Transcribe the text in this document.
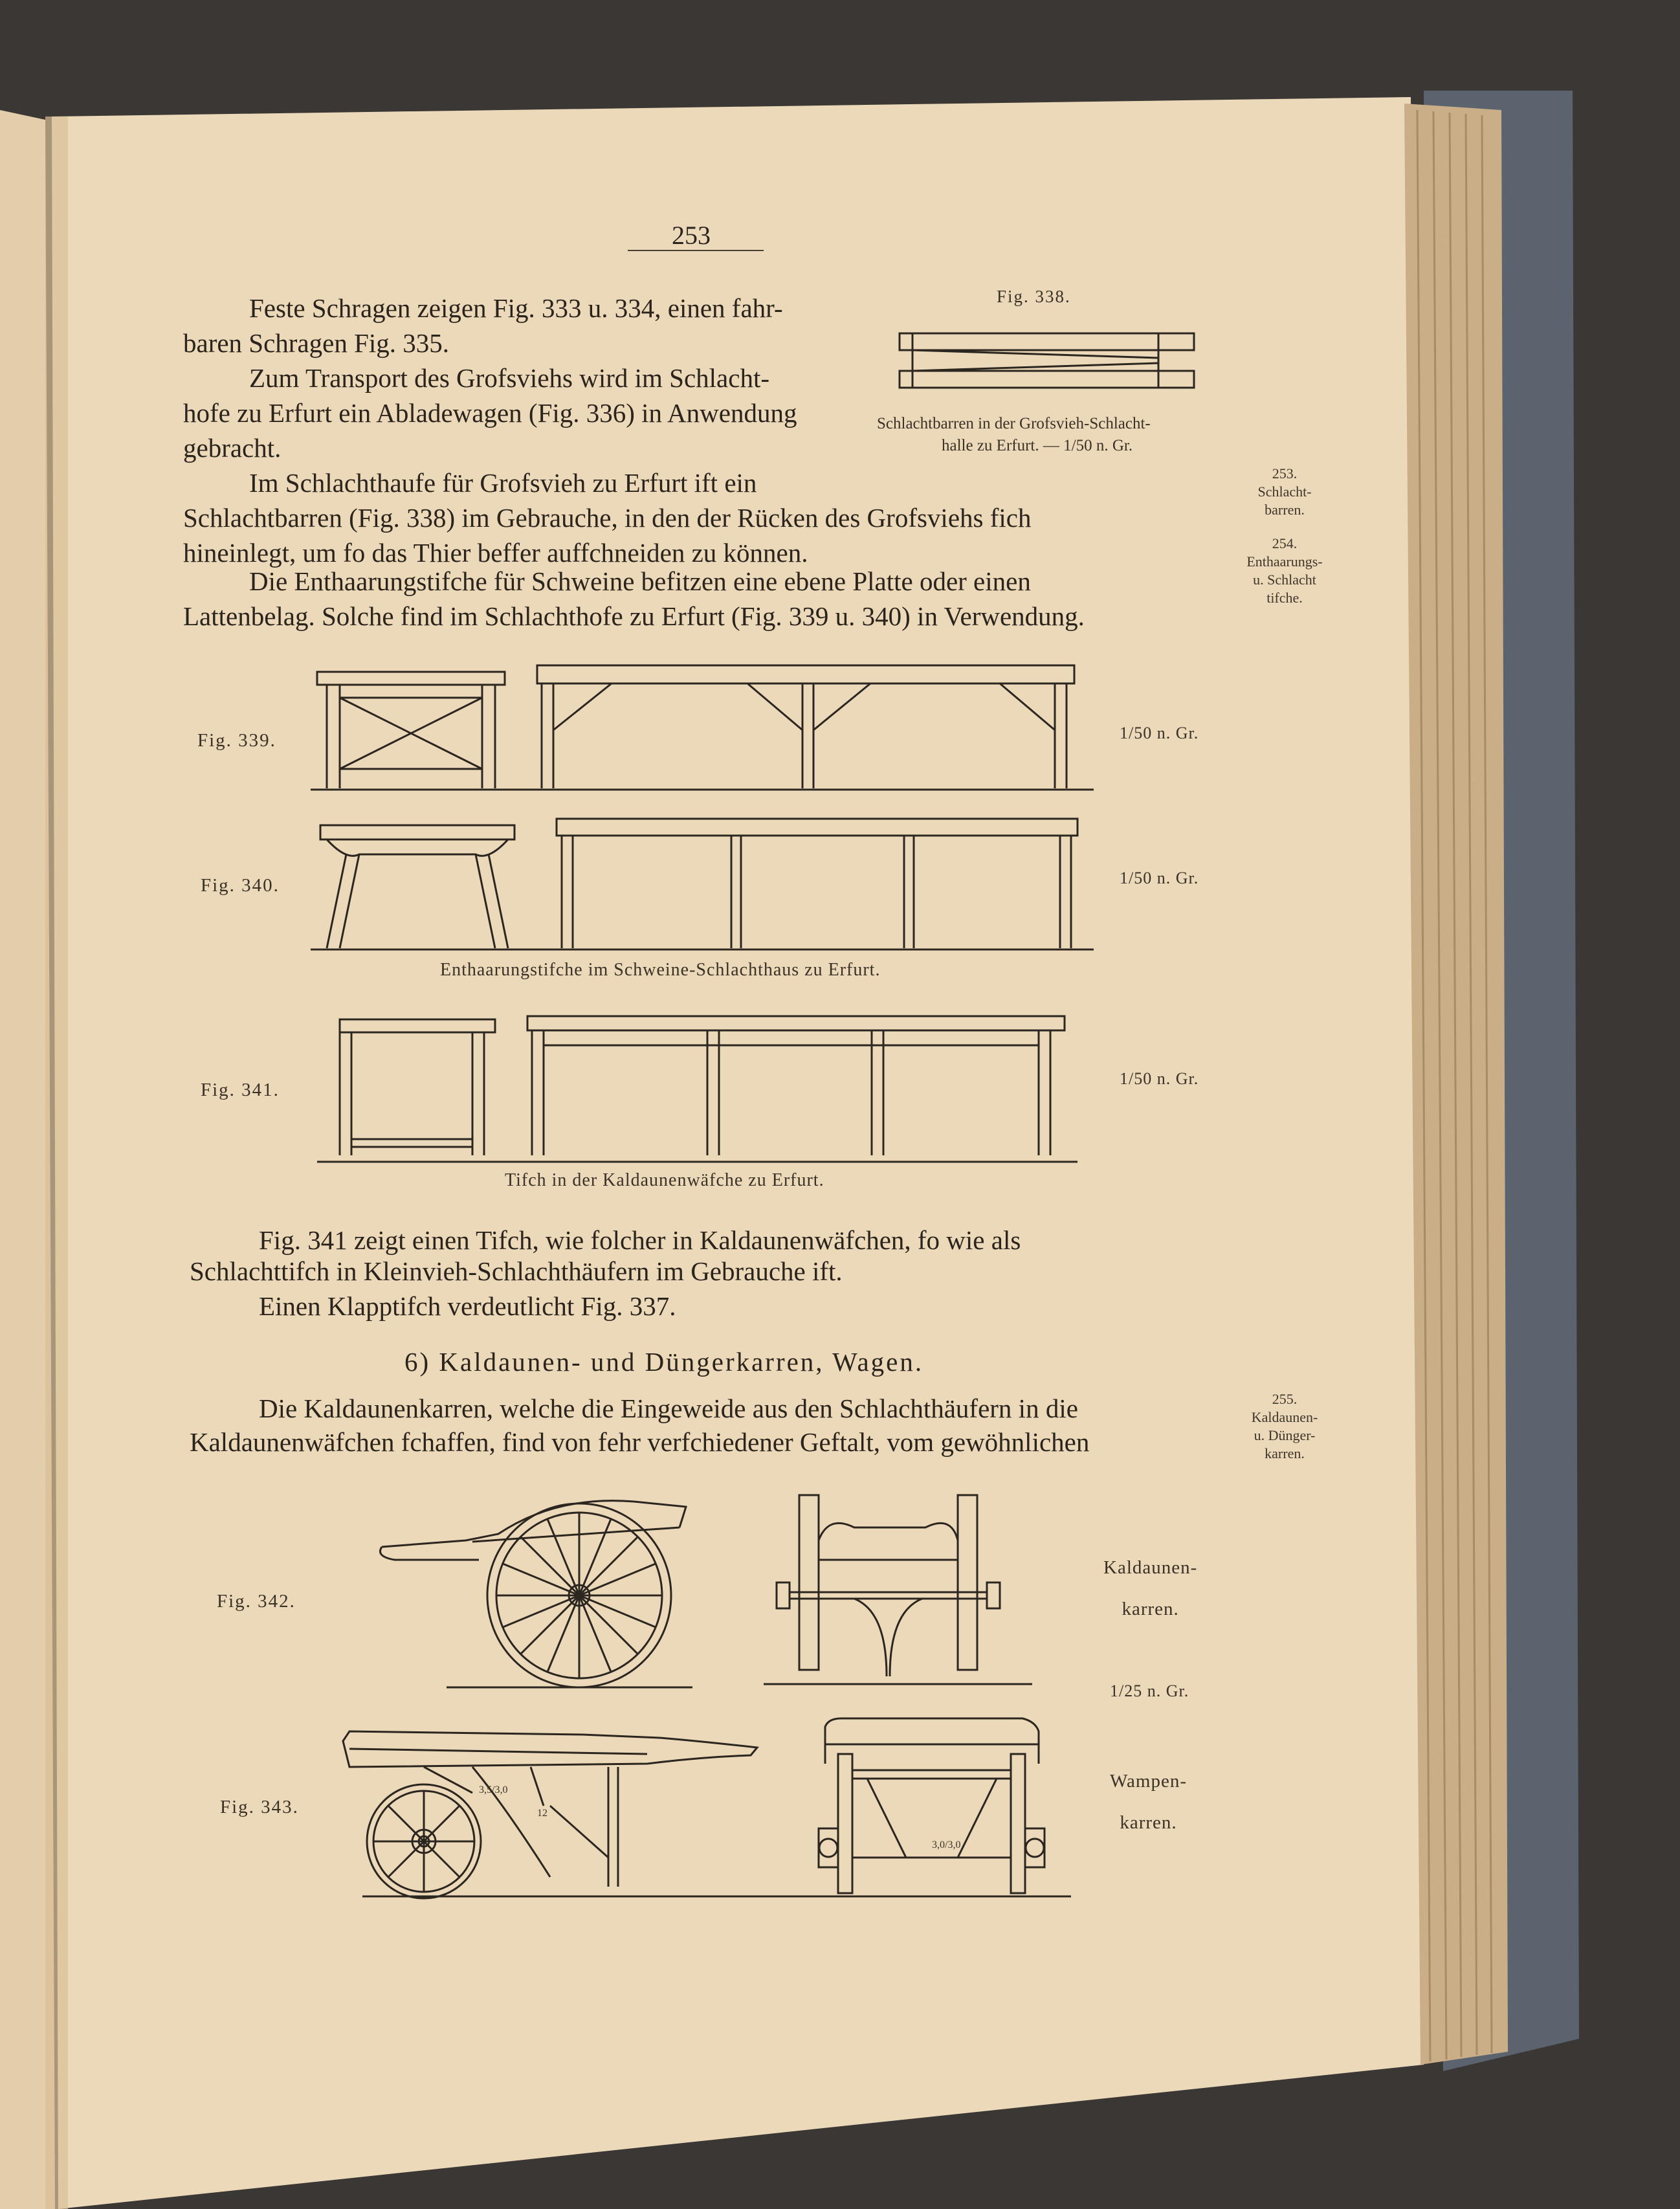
253
Feste Schragen zeigen Fig. 333 u. 334, einen fahr-
baren Schragen Fig. 335.
Zum Transport des Grofsviehs wird im Schlacht-
hofe zu Erfurt ein Abladewagen (Fig. 336) in Anwendung
gebracht.
Im Schlachthaufe für Grofsvieh zu Erfurt ift ein
Schlachtbarren (Fig. 338) im Gebrauche, in den der Rücken des Grofsviehs fich
hineinlegt, um fo das Thier beffer auffchneiden zu können.
Die Enthaarungstifche für Schweine befitzen eine ebene Platte oder einen
Lattenbelag. Solche find im Schlachthofe zu Erfurt (Fig. 339 u. 340) in Verwendung.
Fig. 338.
Schlachtbarren in der Grofsvieh-Schlacht-
halle zu Erfurt. — 1/50 n. Gr.
253.
Schlacht-
barren.
254.
Enthaarungs-
u. Schlacht
tifche.
Fig. 339.	1/50 n. Gr.
Fig. 340.	1/50 n. Gr.
Enthaarungstifche im Schweine-Schlachthaus zu Erfurt.
Fig. 341.
1/50 n. Gr.
Tifch in der Kaldaunenwäfche zu Erfurt.
Fig. 341 zeigt einen Tifch, wie folcher in Kaldaunenwäfchen, fo wie als
Schlachttifch in Kleinvieh-Schlachthäufern im Gebrauche ift.
Einen Klapptifch verdeutlicht Fig. 337.
6) Kaldaunen- und Düngerkarren, Wagen.
Die Kaldaunenkarren, welche die Eingeweide aus den Schlachthäufern in die
Kaldaunenwäfchen fchaffen, find von fehr verfchiedener Geftalt, vom gewöhnlichen
255.
Kaldaunen-
u. Dünger-
karren.
Fig. 342.
Kaldaunen-
karren.
1/25 n. Gr.
Fig. 343.
3,5/3,0
12
3,0/3,0
Wampen-
karren.
